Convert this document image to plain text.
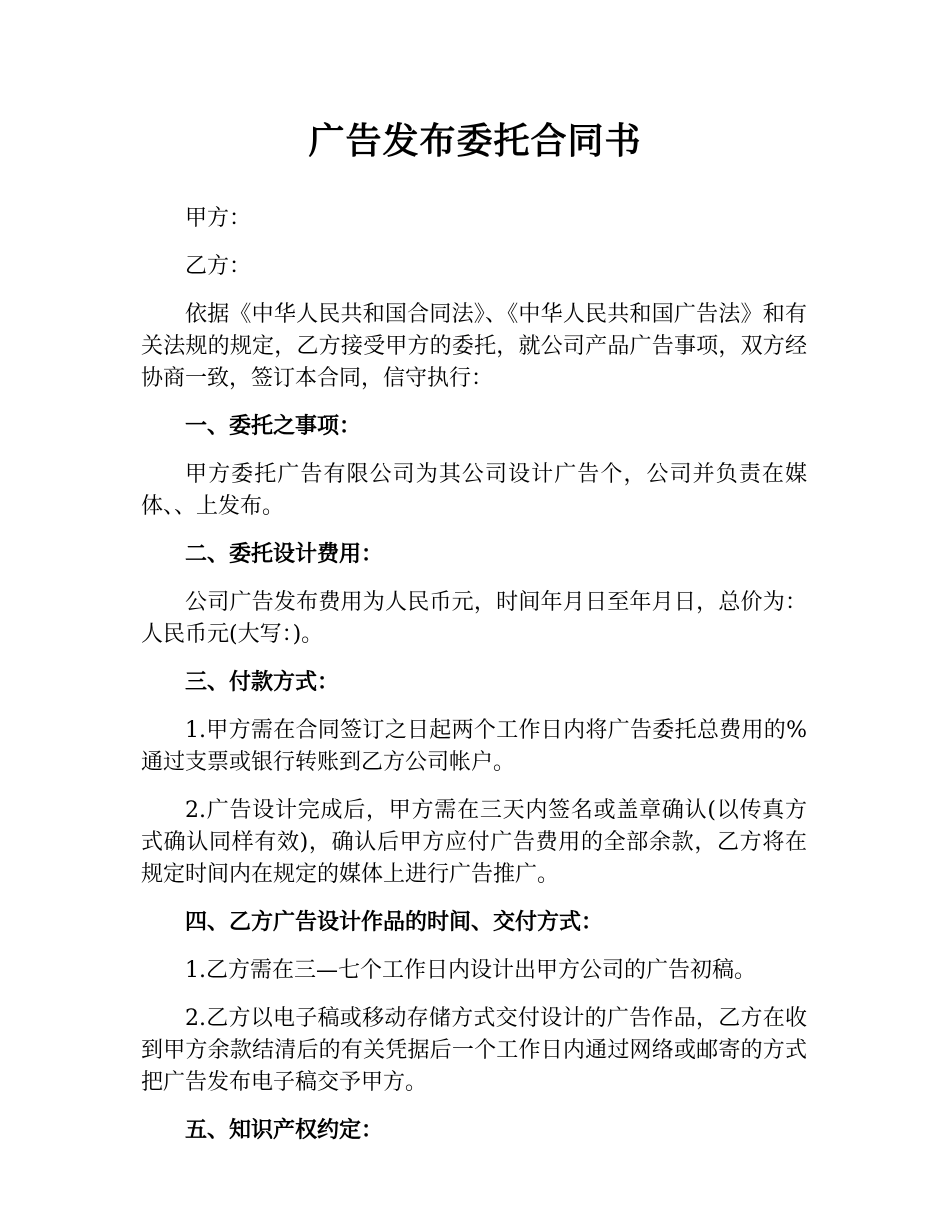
广告发布委托合同书

甲方：

乙方：

依据《中华人民共和国合同法》、《中华人民共和国广告法》和有关法规的规定，乙方接受甲方的委托，就公司产品广告事项，双方经协商一致，签订本合同，信守执行：

一、委托之事项：

甲方委托广告有限公司为其公司设计广告个，公司并负责在媒体、、上发布。

二、委托设计费用：

公司广告发布费用为人民币元，时间年月日至年月日，总价为：人民币元(大写：)。

三、付款方式：

1.甲方需在合同签订之日起两个工作日内将广告委托总费用的%通过支票或银行转账到乙方公司帐户。

2.广告设计完成后，甲方需在三天内签名或盖章确认(以传真方式确认同样有效)，确认后甲方应付广告费用的全部余款，乙方将在规定时间内在规定的媒体上进行广告推广。

四、乙方广告设计作品的时间、交付方式：

1.乙方需在三—七个工作日内设计出甲方公司的广告初稿。

2.乙方以电子稿或移动存储方式交付设计的广告作品，乙方在收到甲方余款结清后的有关凭据后一个工作日内通过网络或邮寄的方式把广告发布电子稿交予甲方。

五、知识产权约定：
